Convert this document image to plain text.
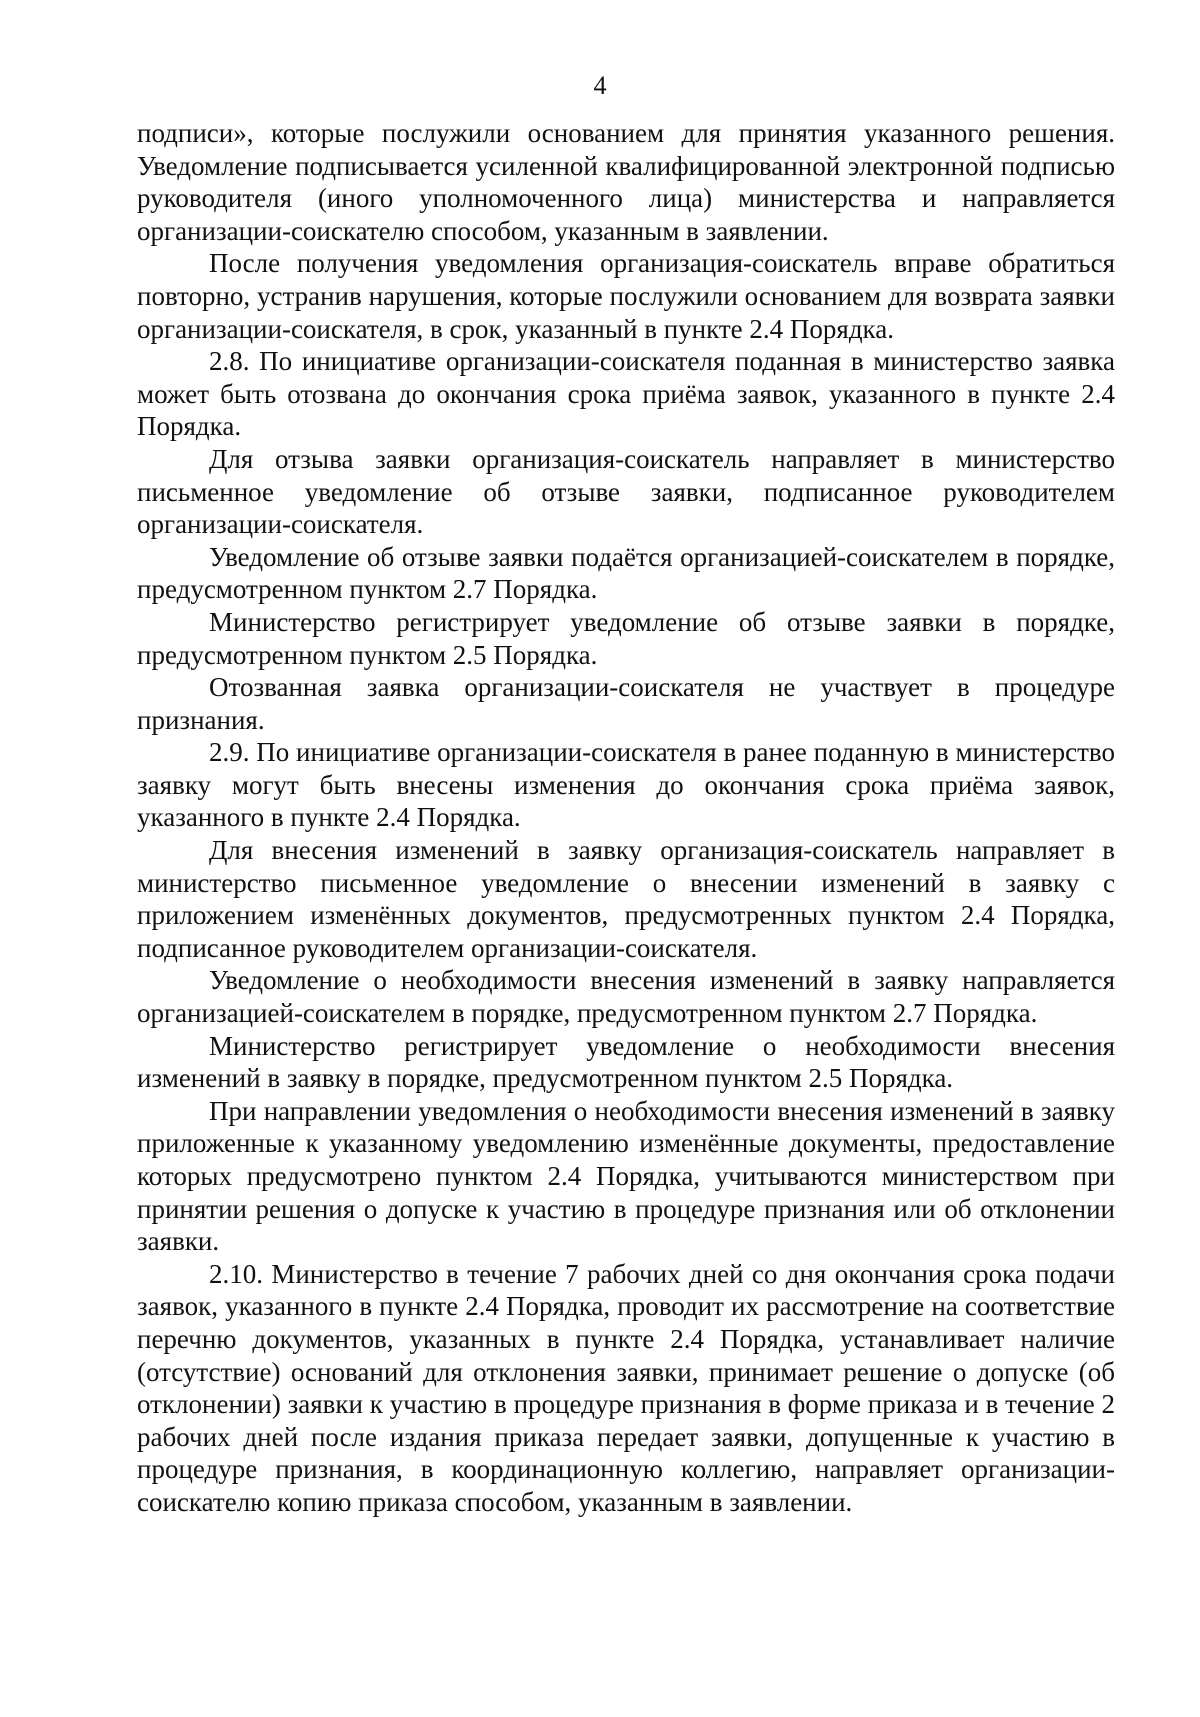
4

подписи», которые послужили основанием для принятия указанного решения. Уведомление подписывается усиленной квалифицированной электронной подписью руководителя (иного уполномоченного лица) министерства и направляется организации-соискателю способом, указанным в заявлении.

После получения уведомления организация-соискатель вправе обратиться повторно, устранив нарушения, которые послужили основанием для возврата заявки организации-соискателя, в срок, указанный в пункте 2.4 Порядка.

2.8. По инициативе организации-соискателя поданная в министерство заявка может быть отозвана до окончания срока приёма заявок, указанного в пункте 2.4 Порядка.

Для отзыва заявки организация-соискатель направляет в министерство письменное уведомление об отзыве заявки, подписанное руководителем организации-соискателя.

Уведомление об отзыве заявки подаётся организацией-соискателем в порядке, предусмотренном пунктом 2.7 Порядка.

Министерство регистрирует уведомление об отзыве заявки в порядке, предусмотренном пунктом 2.5 Порядка.

Отозванная заявка организации-соискателя не участвует в процедуре признания.

2.9. По инициативе организации-соискателя в ранее поданную в министерство заявку могут быть внесены изменения до окончания срока приёма заявок, указанного в пункте 2.4 Порядка.

Для внесения изменений в заявку организация-соискатель направляет в министерство письменное уведомление о внесении изменений в заявку с приложением изменённых документов, предусмотренных пунктом 2.4 Порядка, подписанное руководителем организации-соискателя.

Уведомление о необходимости внесения изменений в заявку направляется организацией-соискателем в порядке, предусмотренном пунктом 2.7 Порядка.

Министерство регистрирует уведомление о необходимости внесения изменений в заявку в порядке, предусмотренном пунктом 2.5 Порядка.

При направлении уведомления о необходимости внесения изменений в заявку приложенные к указанному уведомлению изменённые документы, предоставление которых предусмотрено пунктом 2.4 Порядка, учитываются министерством при принятии решения о допуске к участию в процедуре признания или об отклонении заявки.

2.10. Министерство в течение 7 рабочих дней со дня окончания срока подачи заявок, указанного в пункте 2.4 Порядка, проводит их рассмотрение на соответствие перечню документов, указанных в пункте 2.4 Порядка, устанавливает наличие (отсутствие) оснований для отклонения заявки, принимает решение о допуске (об отклонении) заявки к участию в процедуре признания в форме приказа и в течение 2 рабочих дней после издания приказа передает заявки, допущенные к участию в процедуре признания, в координационную коллегию, направляет организации-соискателю копию приказа способом, указанным в заявлении.
